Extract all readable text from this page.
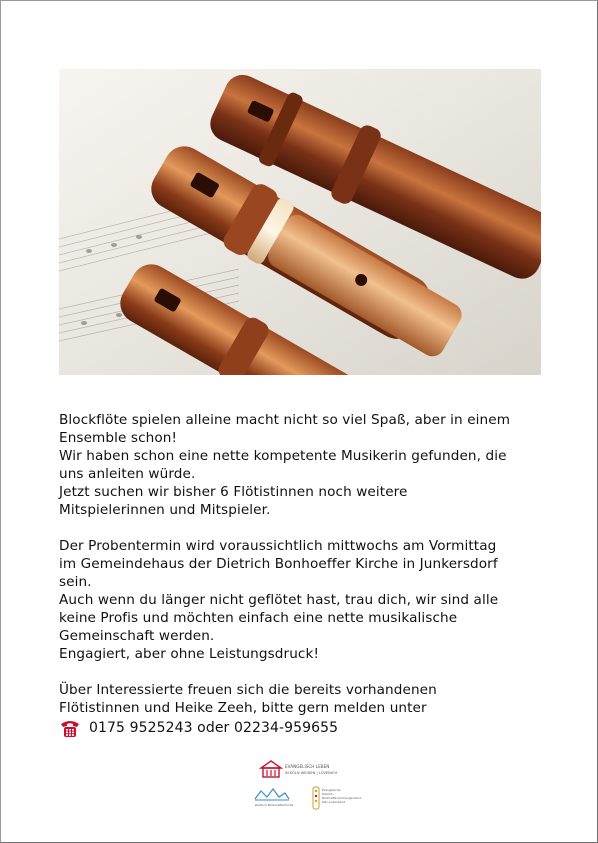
Blockflöte spielen alleine macht nicht so viel Spaß, aber in einem

Ensemble schon!

Wir haben schon eine nette kompetente Musikerin gefunden, die

uns anleiten würde.

Jetzt suchen wir bisher 6 Flötistinnen noch weitere

Mitspielerinnen und Mitspieler.

Der Probentermin wird voraussichtlich mittwochs am Vormittag

im Gemeindehaus der Dietrich Bonhoeffer Kirche in Junkersdorf

sein.

Auch wenn du länger nicht geflötet hast, trau dich, wir sind alle

keine Profis und möchten einfach eine nette musikalische

Gemeinschaft werden.

Engagiert, aber ohne Leistungsdruck!

Über Interessierte freuen sich die bereits vorhandenen

Flötistinnen und Heike Zeeh, bitte gern melden unter

0175 9525243 oder 02234-959655
EVANGELISCH LEBEN
IN KÖLN WEIDEN | LÖVENICH
Dietrich Bonhoefferkirche
Evangelische
Dietrich-
Bonhoeffer-Kirchengemeinde
Köln-Junkersdorf
